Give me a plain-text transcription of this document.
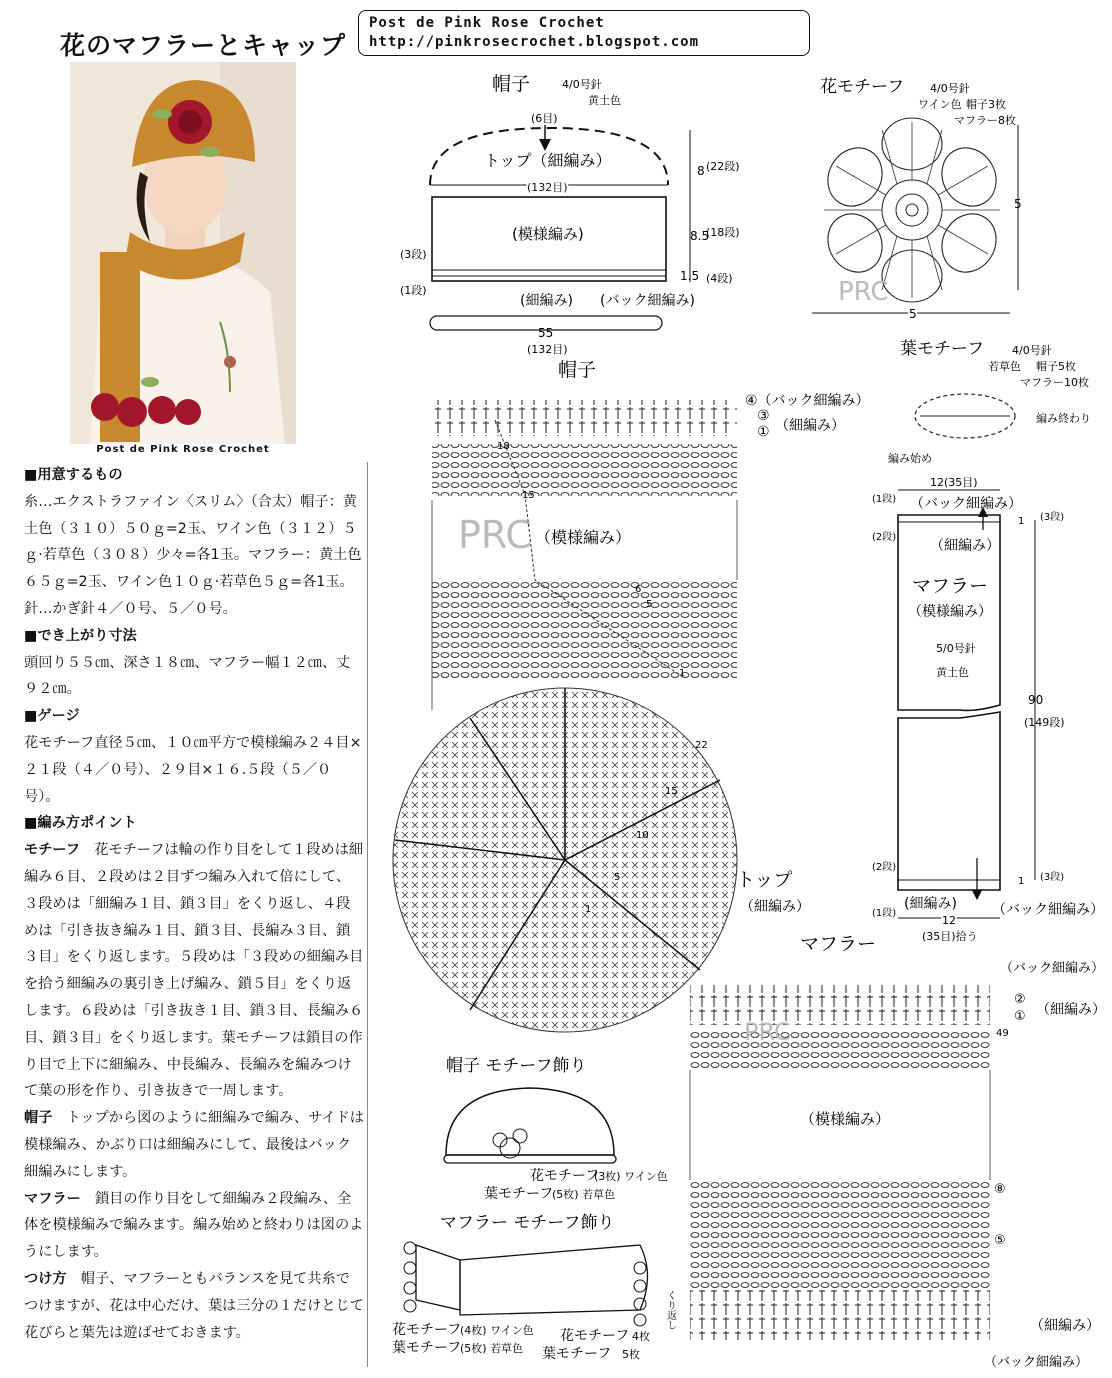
花のマフラーとキャップ
Post de Pink Rose Crochet
http://pinkrosecrochet.blogspot.com
Post de Pink Rose Crochet

■用意するもの

糸…エクストラファイン〈スリム〉（合太）帽子：黄土色（３１０）５０ｇ=2玉、ワイン色（３１２）５ｇ·若草色（３０８）少々=各1玉。マフラー：黄土色６５ｇ=2玉、ワイン色１０ｇ·若草色５ｇ=各1玉。

針…かぎ針４／０号、５／０号。

■でき上がり寸法

頭回り５５㎝、深さ１８㎝、マフラー幅１２㎝、丈９２㎝。

■ゲージ

花モチーフ直径５㎝、１０㎝平方で模様編み２４目×２１段（４／０号）、２９目×１６.５段（５／０号）。

■編み方ポイント

モチーフ　 花モチーフは輪の作り目をして１段めは細編み６目、２段めは２目ずつ編み入れて倍にして、３段めは「細編み１目、鎖３目」をくり返し、４段めは「引き抜き編み１目、鎖３目、長編み３目、鎖３目」をくり返します。５段めは「３段めの細編み目を拾う細編みの裏引き上げ編み、鎖５目」をくり返します。６段めは「引き抜き１目、鎖３目、長編み６目、鎖３目」をくり返します。葉モチーフは鎖目の作り目で上下に細編み、中長編み、長編みを編みつけて葉の形を作り、引き抜きで一周します。

帽子　 トップから図のように細編みで編み、サイドは模様編み、かぶり口は細編みにして、最後はバック細編みにします。

マフラー　 鎖目の作り目をして細編み２段編み、全体を模様編みで編みます。編み始めと終わりは図のようにします。

つけ方　 帽子、マフラーともバランスを見て共糸でつけますが、花は中心だけ、葉は三分の１だけとじて花びらと葉先は遊ばせておきます。

帽子	4/0号針
黄土色
(6目)
トップ（細編み）
(132目)
(模様編み)
(細編み) (バック細編み)
(3段)
(1段)
8 (22段)
8.5
(18段)
1.5 (4段)
55
(132目)
花モチーフ 4/0号針
ワイン色 帽子3枚
マフラー8枚
PRC
5
5
葉モチーフ	4/0号針
若草色 帽子5枚
マフラー10枚
編み終わり
編み始め
帽子
④（バック細編み）
③
① （細編み）
（模様編み）
PRC
18
15
6
5
1
22
15
10
5
1
トップ
（細編み）
12(35目)
（バック細編み）
（細編み）
マフラー
（模様編み）
5/0号針
黄土色
90
(149段)
(1段)
(2段)
(3段)
1
(2段)
(1段)
(3段)
1
(細編み)	（バック細編み）
12
(35目)拾う
マフラー
（バック細編み）
②
① （細編み）
49
（模様編み）
⑧
⑤
くり返し	（細編み）
（バック細編み）
PRC
帽子 モチーフ飾り
花モチーフ
(3枚) ワイン色
葉モチーフ
(5枚) 若草色
マフラー モチーフ飾り
花モチーフ
(4枚) ワイン色
葉モチーフ
(5枚) 若草色
花モチーフ 4枚
葉モチーフ 5枚
